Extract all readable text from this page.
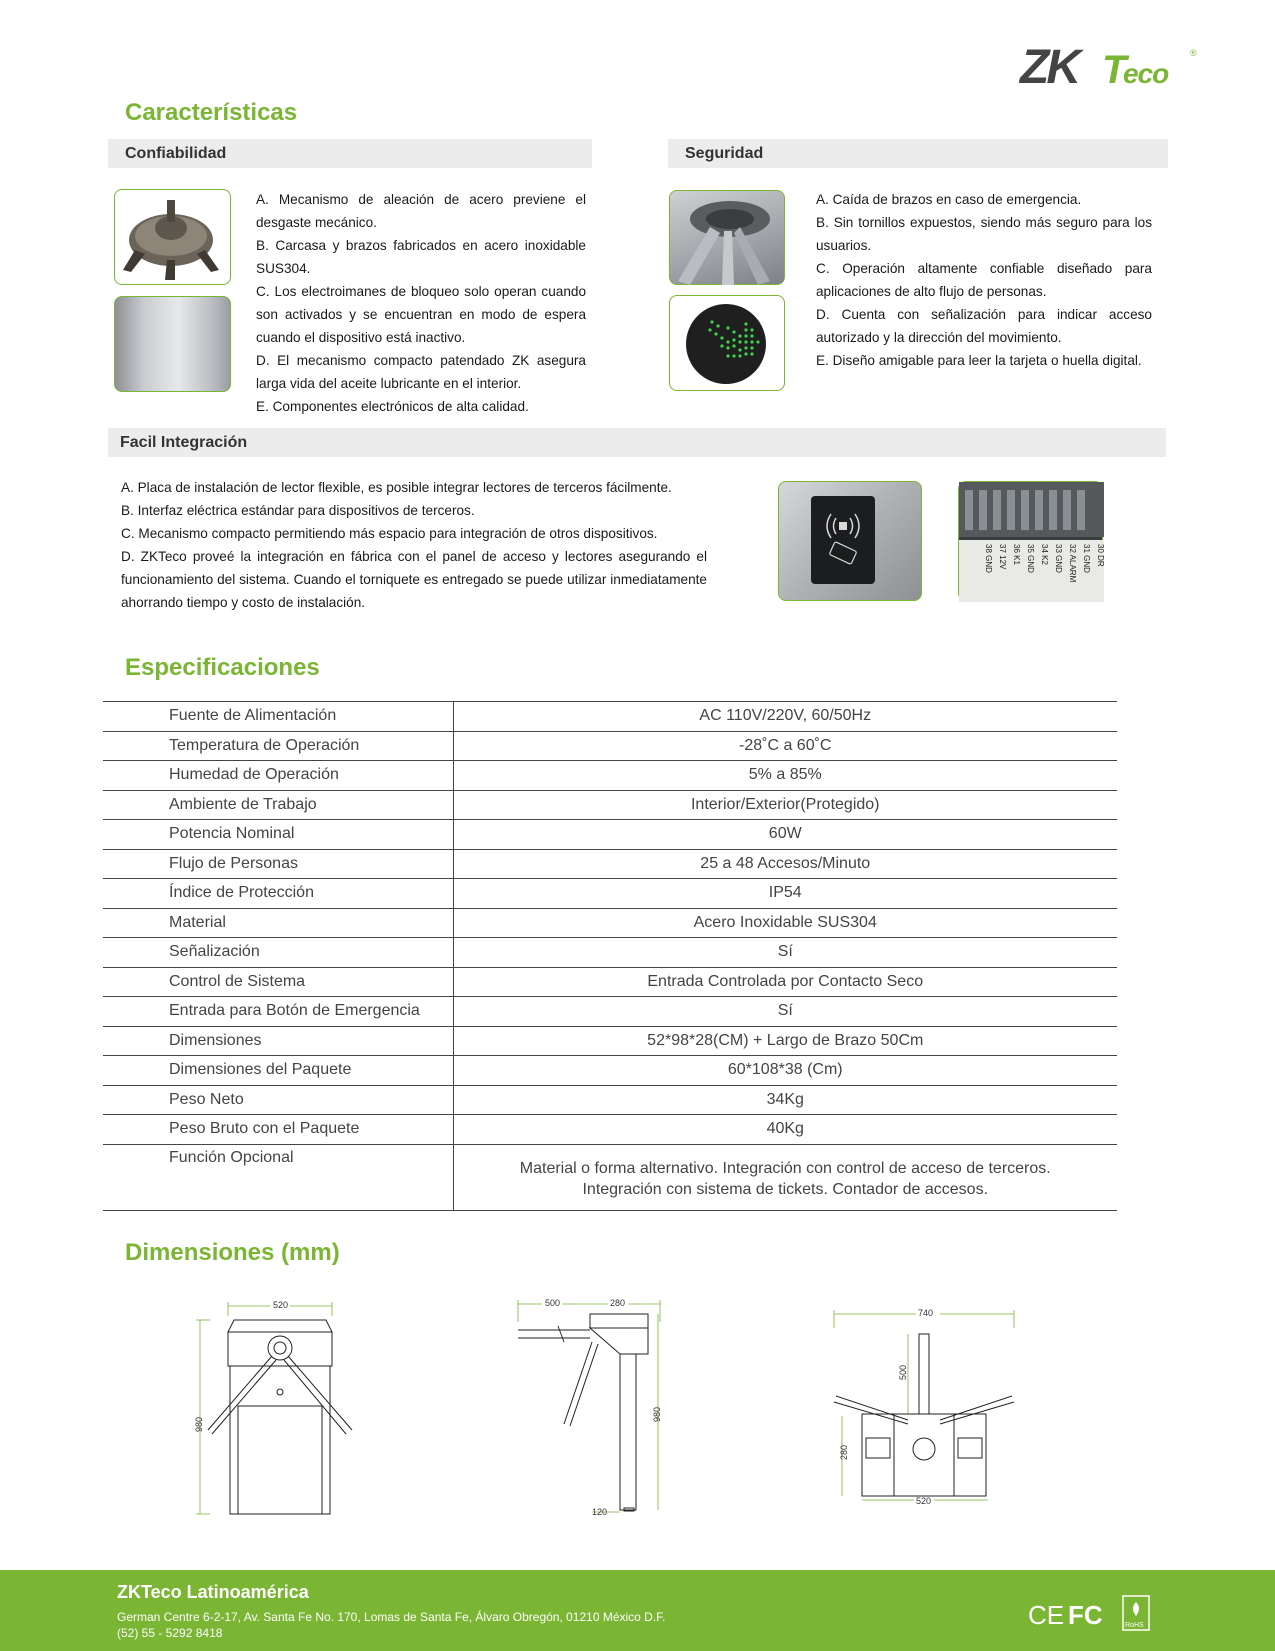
ZK T
eco
®
Características
Confiabilidad	Seguridad

A. Mecanismo de aleación de acero previene el desgaste mecánico.

B. Carcasa y brazos fabricados en acero inoxidable SUS304.

C. Los electroimanes de bloqueo solo operan cuando son activados y se encuentran en modo de espera cuando el dispositivo está inactivo.

D. El mecanismo compacto patendado ZK asegura larga vida del aceite lubricante en el interior.

E. Componentes electrónicos de alta calidad.

A. Caída de brazos en caso de emergencia.

B. Sin tornillos expuestos, siendo más seguro para los usuarios.

C. Operación altamente confiable diseñado para aplicaciones de alto flujo de personas.

D. Cuenta con señalización para indicar acceso autorizado y la dirección del movimiento.

E. Diseño amigable para leer la tarjeta o huella digital.

Facil Integración

A. Placa de instalación de lector flexible, es posible integrar lectores de terceros fácilmente.

B. Interfaz eléctrica estándar para dispositivos de terceros.

C. Mecanismo compacto permitiendo más espacio para integración de otros dispositivos.

D. ZKTeco proveé la integración en fábrica con el panel de acceso y lectores asegurando el funcionamiento del sistema. Cuando el torniquete es entregado se puede utilizar inmediatamente ahorrando tiempo y costo de instalación.

30 DR
31 GND
32 ALARM
33 GND
34 K2
35 GND
36 K1
37 12V
38 GND
Especificaciones
Fuente de Alimentación	AC 110V/220V, 60/50Hz
Temperatura de Operación	-28˚C a 60˚C
Humedad de Operación	5% a 85%
Ambiente de Trabajo	Interior/Exterior(Protegido)
Potencia Nominal	60W
Flujo de Personas	25 a 48 Accesos/Minuto
Índice de Protección	IP54
Material	Acero Inoxidable SUS304
Señalización	Sí
Control de Sistema	Entrada Controlada por Contacto Seco
Entrada para Botón de Emergencia	Sí
Dimensiones	52*98*28(CM) + Largo de Brazo 50Cm
Dimensiones del Paquete	60*108*38 (Cm)
Peso Neto	34Kg
Peso Bruto con el Paquete	40Kg
Función Opcional	Material o forma alternativo. Integración con control de acceso de terceros.
Integración con sistema de tickets. Contador de accesos.
Dimensiones (mm)
520
980
500	280
980
120
740
500
280
520
ZKTeco Latinoamérica
German Centre 6-2-17, Av. Santa Fe No. 170, Lomas de Santa Fe, Álvaro Obregón, 01210 México D.F.
(52) 55 - 5292 8418
CE FC	RoHS
